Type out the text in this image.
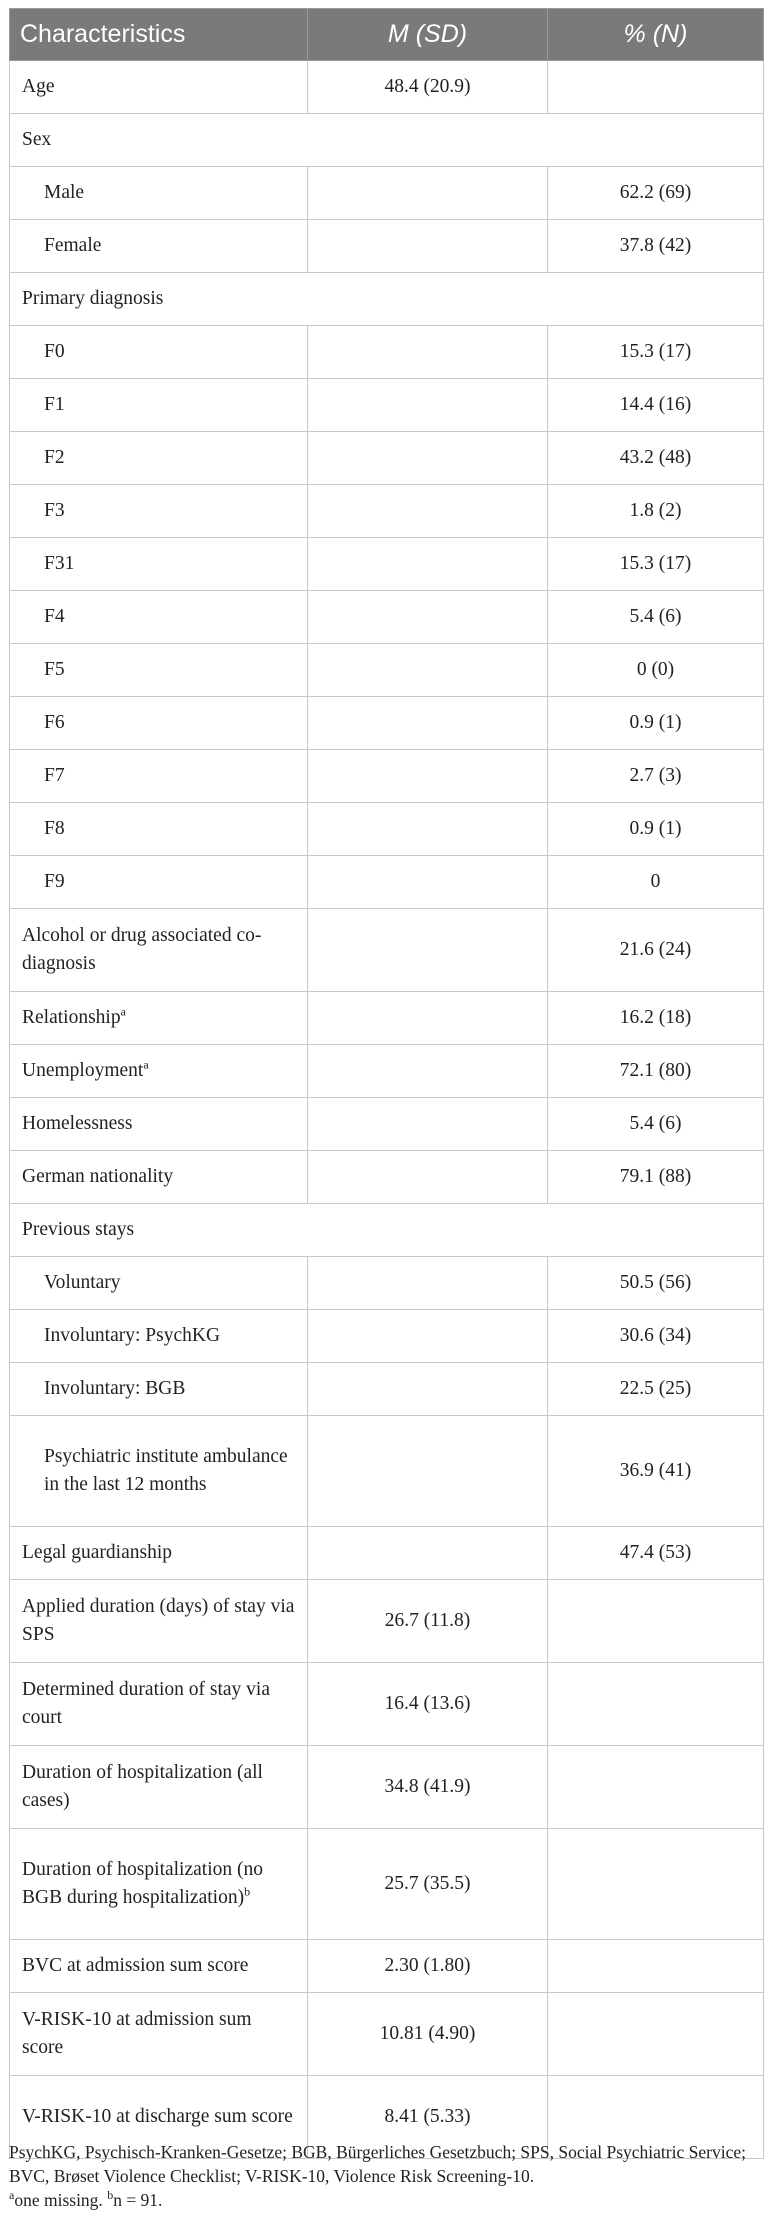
Characteristics	M (SD)	% (N)
Age	48.4 (20.9)	
Sex		
Male		62.2 (69)
Female		37.8 (42)
Primary diagnosis		
F0		15.3 (17)
F1		14.4 (16)
F2		43.2 (48)
F3		1.8 (2)
F31		15.3 (17)
F4		5.4 (6)
F5		0 (0)
F6		0.9 (1)
F7		2.7 (3)
F8		0.9 (1)
F9		0
Alcohol or drug associated co-diagnosis		21.6 (24)
Relationship$^a$		16.2 (18)
Unemployment$^a$		72.1 (80)
Homelessness		5.4 (6)
German nationality		79.1 (88)
Previous stays		
Voluntary		50.5 (56)
Involuntary: PsychKG		30.6 (34)
Involuntary: BGB		22.5 (25)
Psychiatric institute ambulance in the last 12 months		36.9 (41)
Legal guardianship		47.4 (53)
Applied duration (days) of stay via SPS	26.7 (11.8)	
Determined duration of stay via court	16.4 (13.6)	
Duration of hospitalization (all cases)	34.8 (41.9)	
Duration of hospitalization (no BGB during hospitalization)$^b$	25.7 (35.5)	
BVC at admission sum score	2.30 (1.80)	
V-RISK-10 at admission sum score	10.81 (4.90)	
V-RISK-10 at discharge sum score	8.41 (5.33)	

PsychKG, Psychisch-Kranken-Gesetze; BGB, Bürgerliches Gesetzbuch; SPS, Social Psychiatric Service; BVC, Brøset Violence Checklist; V-RISK-10, Violence Risk Screening-10.

$^a$one missing. $^b$n = 91.
